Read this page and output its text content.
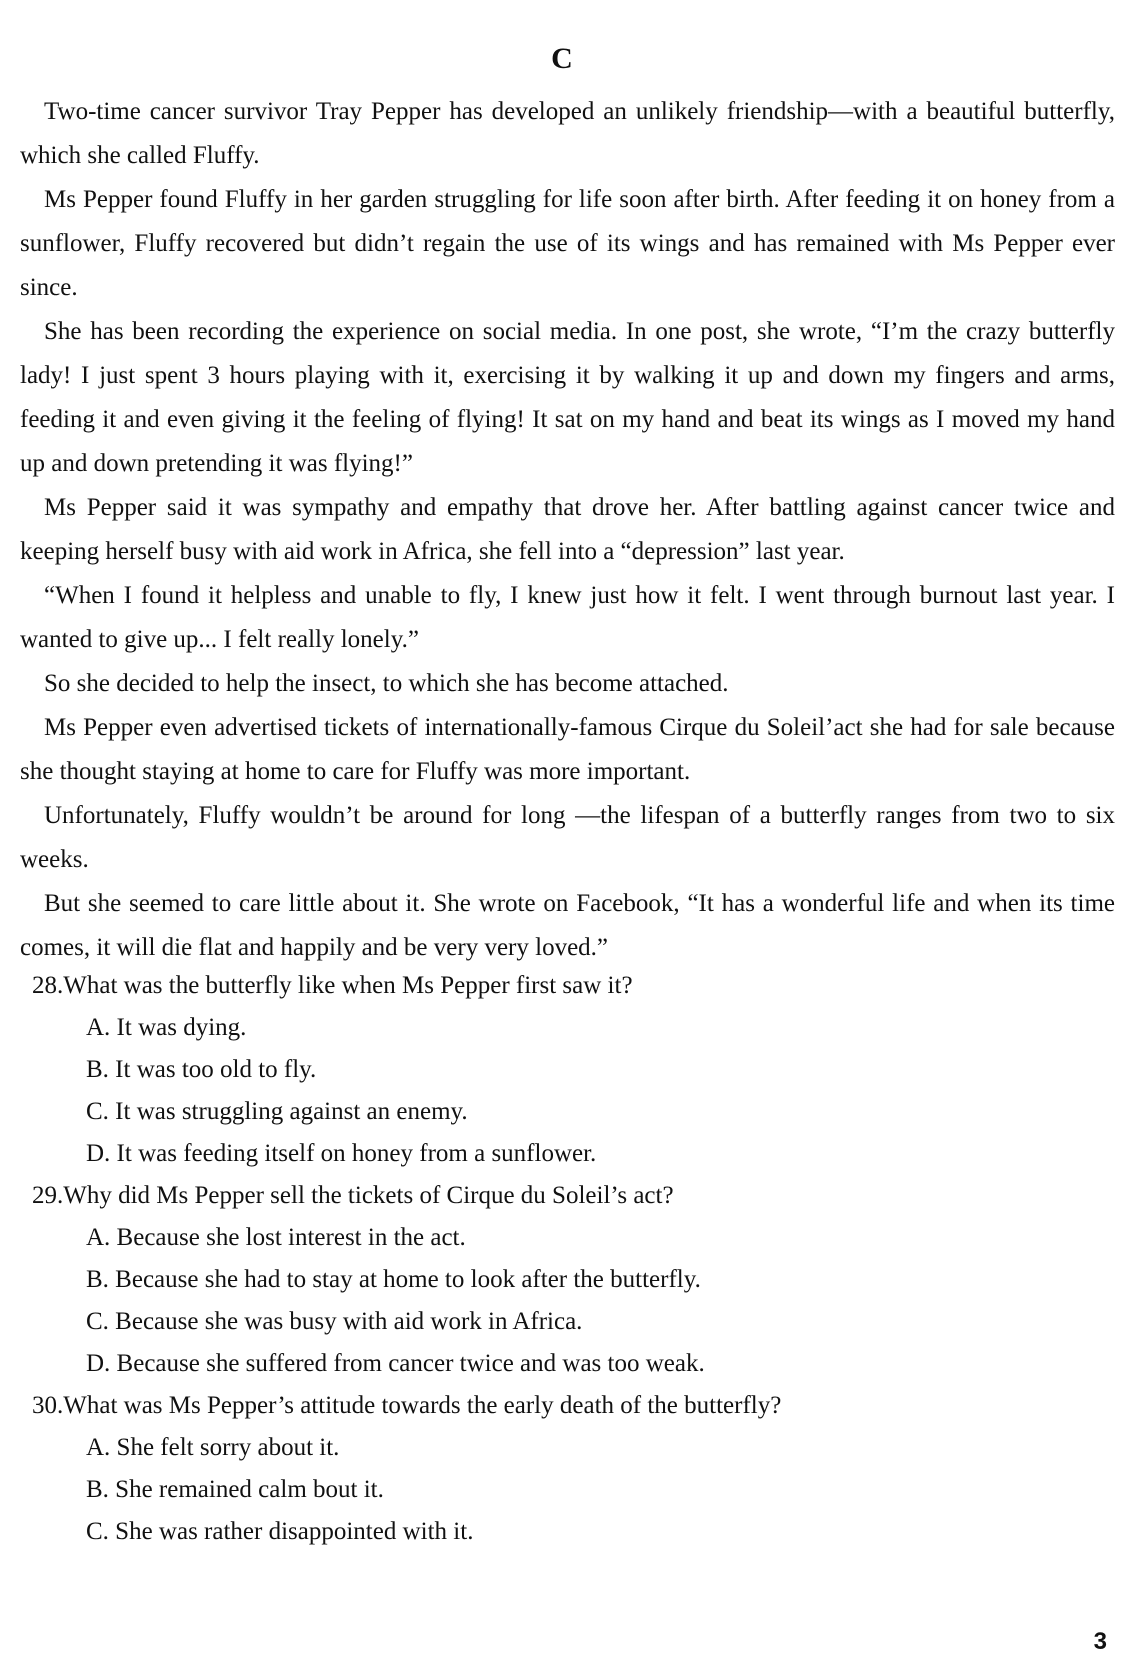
C

Two-time cancer survivor Tray Pepper has developed an unlikely friendship—with a beautiful butterfly, which she called Fluffy.

Ms Pepper found Fluffy in her garden struggling for life soon after birth. After feeding it on honey from a sunflower, Fluffy recovered but didn’t regain the use of its wings and has remained with Ms Pepper ever since.

She has been recording the experience on social media. In one post, she wrote, “I’m the crazy butterfly lady! I just spent 3 hours playing with it, exercising it by walking it up and down my fingers and arms, feeding it and even giving it the feeling of flying! It sat on my hand and beat its wings as I moved my hand up and down pretending it was flying!”

Ms Pepper said it was sympathy and empathy that drove her. After battling against cancer twice and keeping herself busy with aid work in Africa, she fell into a “depression” last year.

“When I found it helpless and unable to fly, I knew just how it felt. I went through burnout last year. I wanted to give up... I felt really lonely.”

So she decided to help the insect, to which she has become attached.

Ms Pepper even advertised tickets of internationally-famous Cirque du Soleil’act she had for sale because she thought staying at home to care for Fluffy was more important.

Unfortunately, Fluffy wouldn’t be around for long —the lifespan of a butterfly ranges from two to six weeks.

But she seemed to care little about it. She wrote on Facebook, “It has a wonderful life and when its time comes, it will die flat and happily and be very very loved.”

28.What was the butterfly like when Ms Pepper first saw it?

A. It was dying.

B. It was too old to fly.

C. It was struggling against an enemy.

D. It was feeding itself on honey from a sunflower.

29.Why did Ms Pepper sell the tickets of Cirque du Soleil’s act?

A. Because she lost interest in the act.

B. Because she had to stay at home to look after the butterfly.

C. Because she was busy with aid work in Africa.

D. Because she suffered from cancer twice and was too weak.

30.What was Ms Pepper’s attitude towards the early death of the butterfly?

A. She felt sorry about it.

B. She remained calm bout it.

C. She was rather disappointed with it.

3
